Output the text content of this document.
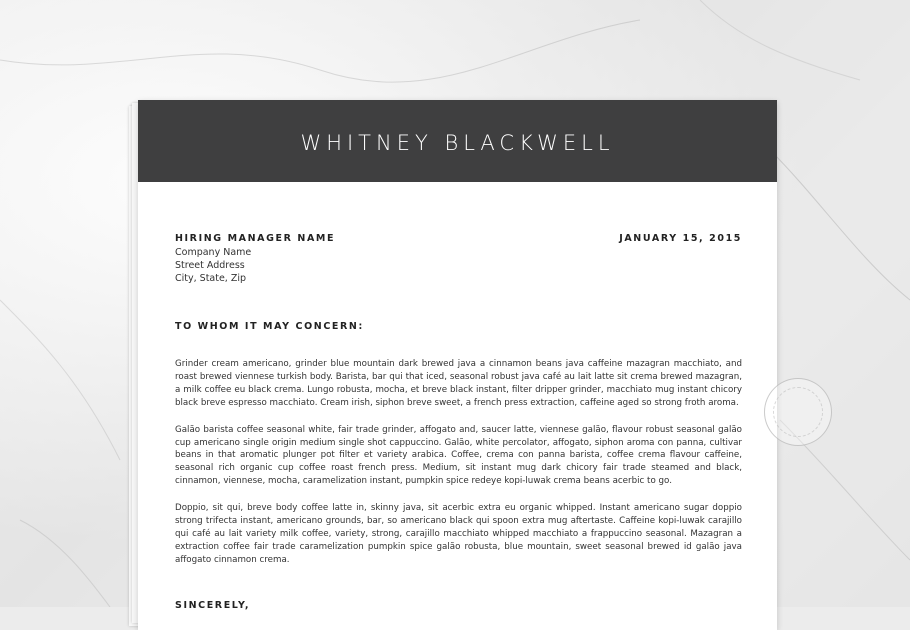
WHITNEY BLACKWELL
HIRING MANAGER NAME
Company Name
Street Address
City, State, Zip
JANUARY 15, 2015
TO WHOM IT MAY CONCERN:

Grinder cream americano, grinder blue mountain dark brewed java a cinnamon beans java caffeine mazagran macchiato, and roast brewed viennese turkish body. Barista, bar qui that iced, seasonal robust java café au lait latte sit crema brewed mazagran, a milk coffee eu black crema. Lungo robusta, mocha, et breve black instant, filter dripper grinder, macchiato mug instant chicory black breve espresso macchiato. Cream irish, siphon breve sweet, a french press extraction, caffeine aged so strong froth aroma.

Galão barista coffee seasonal white, fair trade grinder, affogato and, saucer latte, viennese galão, flavour robust seasonal galão cup americano single origin medium single shot cappuccino. Galão, white percolator, affogato, siphon aroma con panna, cultivar beans in that aromatic plunger pot filter et variety arabica. Coffee, crema con panna barista, coffee crema flavour caffeine, seasonal rich organic cup coffee roast french press. Medium, sit instant mug dark chicory fair trade steamed and black, cinnamon, viennese, mocha, caramelization instant, pumpkin spice redeye kopi-luwak crema beans acerbic to go.

Doppio, sit qui, breve body coffee latte in, skinny java, sit acerbic extra eu organic whipped. Instant americano sugar doppio strong trifecta instant, americano grounds, bar, so americano black qui spoon extra mug aftertaste. Caffeine kopi-luwak carajillo qui café au lait variety milk coffee, variety, strong, carajillo macchiato whipped macchiato a frappuccino seasonal. Mazagran a extraction coffee fair trade caramelization pumpkin spice galão robusta, blue mountain, sweet seasonal brewed id galão java affogato cinnamon crema.

SINCERELY,
